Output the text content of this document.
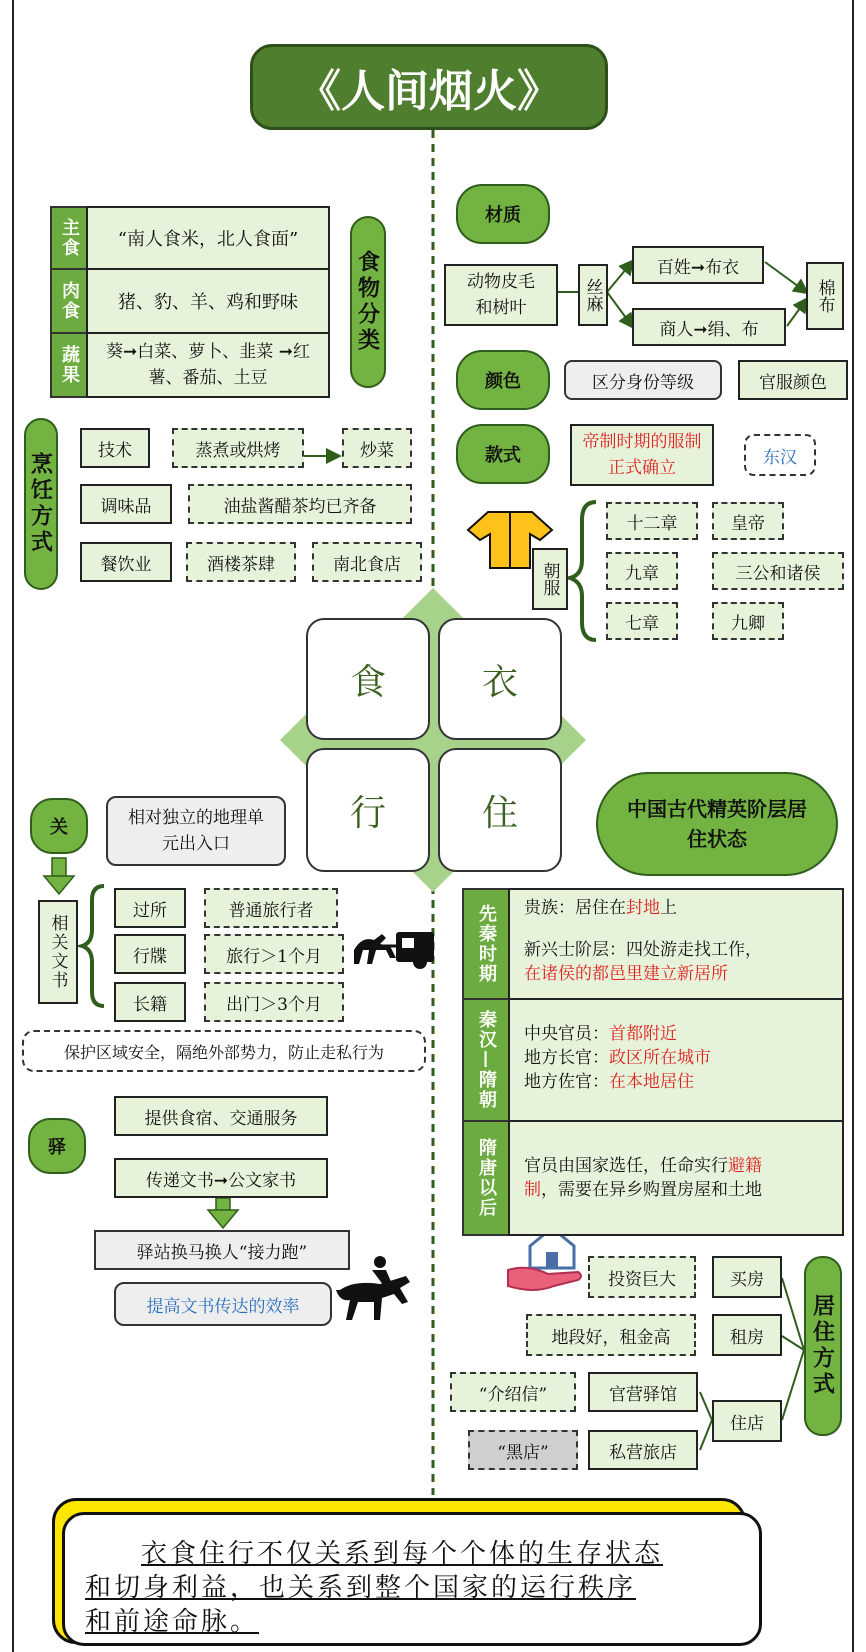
《人间烟火》
主食	“南人食米，北人食面”
肉食	猪、豹、羊、鸡和野味
蔬果	葵➞白菜、萝卜、韭菜 ➞红薯、番茄、土豆
食物分类
烹饪方式
技术	蒸煮或烘烤	炒菜
调味品	油盐酱醋茶均已齐备
餐饮业	酒楼茶肆	南北食店
材质
动物皮毛和树叶	丝麻
百姓➞布衣
商人➞绢、布
棉布
颜色	区分身份等级	官服颜色
款式
帝制时期的服制正式确立
东汉
朝服
十二章	皇帝
九章	三公和诸侯
七章	九卿
食	衣
行	住
关	相对独立的地理单元出入口
相关文书
过所	普通旅行者
行牒	旅行＞1个月
长籍	出门＞3个月
保护区域安全，隔绝外部势力，防止走私行为
驿
提供食宿、交通服务
传递文书➞公文家书
驿站换马换人“接力跑”
提高文书传达的效率
中国古代精英阶层居住状态
先秦时期	贵族：居住在封地上
新兴士阶层：四处游走找工作，
在诸侯的都邑里建立新居所
秦汉—隋朝	中央官员：首都附近
地方长官：政区所在城市
地方佐官：在本地居住
隋唐以后	官员由国家选任，任命实行避籍
制，需要在异乡购置房屋和土地
投资巨大	买房
地段好，租金高	租房
“介绍信”	官营驿馆
住店
“黑店”	私营旅店
居住方式
衣食住行不仅关系到每个个体的生存状态
和切身利益，也关系到整个国家的运行秩序
和前途命脉。
